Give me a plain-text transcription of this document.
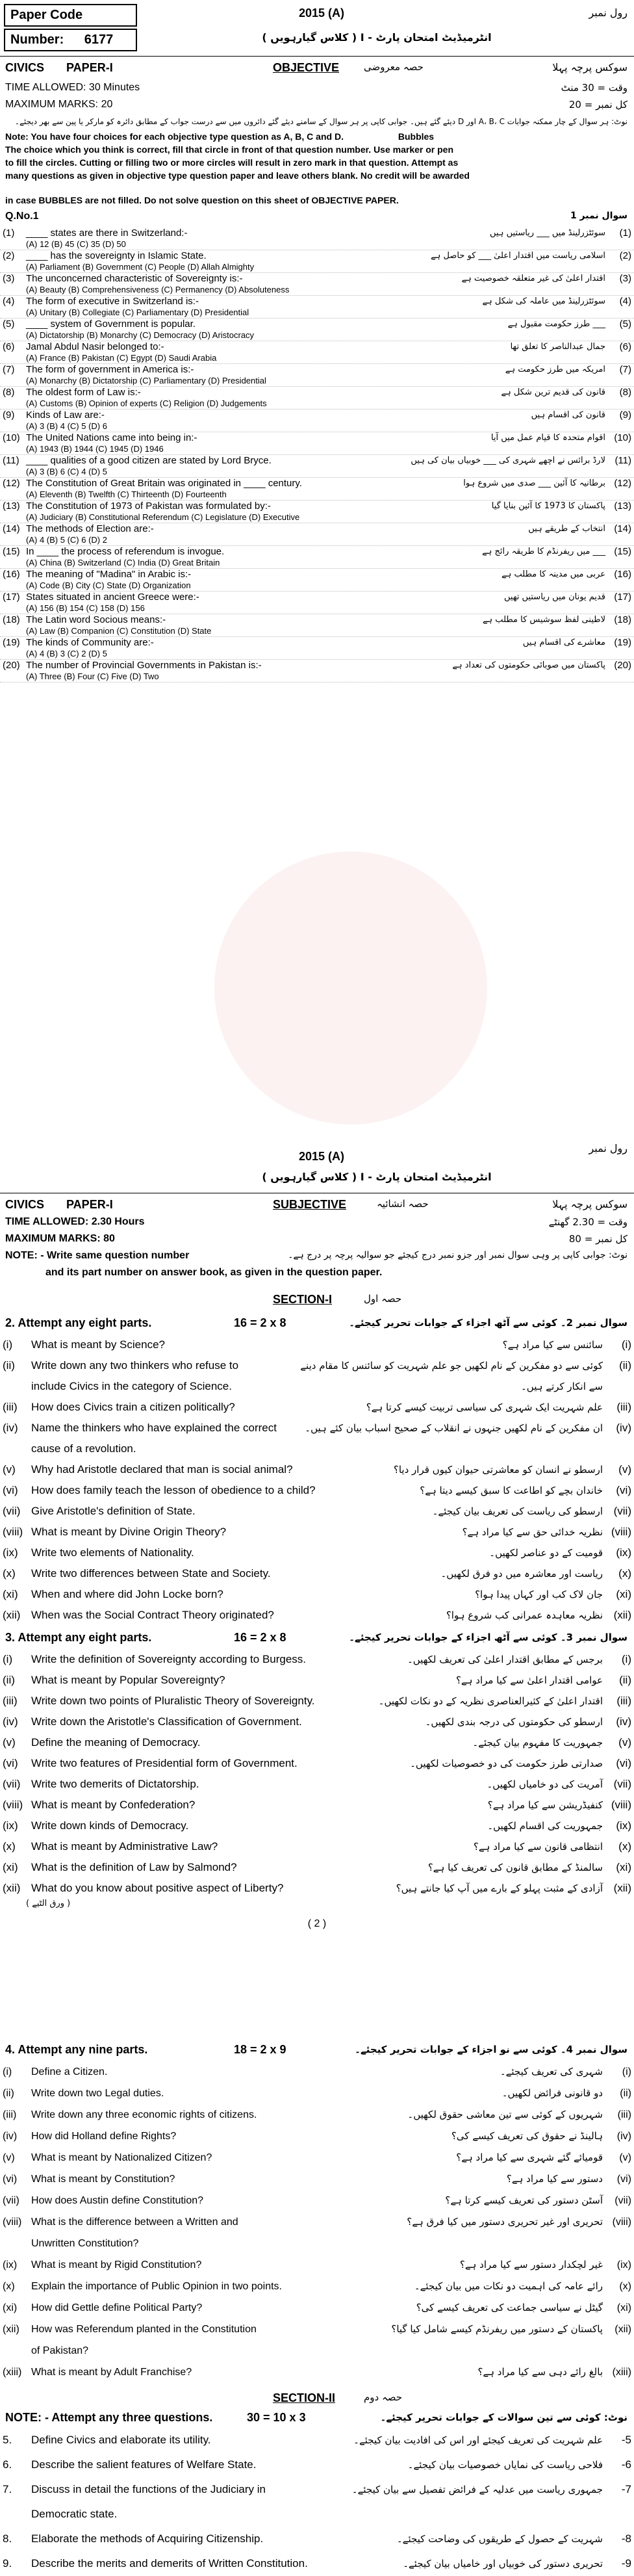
Paper Code
Number: 6177
2015 (A)	رول نمبر
انٹرمیڈیٹ امتحان پارٹ - I ( کلاس گیارہویں )
CIVICS PAPER-I	OBJECTIVE	حصہ معروضی	سوکس پرچہ پہلا
TIME ALLOWED: 30 Minutes	وقت = 30 منٹ
MAXIMUM MARKS: 20	کل نمبر = 20
نوٹ: ہر سوال کے چار ممکنہ جوابات A، B، C اور D دیئے گئے ہیں۔ جوابی کاپی پر ہر سوال کے سامنے دیئے گئے دائروں میں سے درست جواب کے مطابق دائرہ کو مارکر یا پین سے بھر دیجئے۔
Note: You have four choices for each objective type question as A, B, C and D.	Bubbles
The choice which you think is correct, fill that circle in front of that question number. Use marker or pen
to fill the circles. Cutting or filling two or more circles will result in zero mark in that question. Attempt as
many questions as given in objective type question paper and leave others blank. No credit will be awarded
in case BUBBLES are not filled. Do not solve question on this sheet of OBJECTIVE PAPER.
Q.No.1	سوال نمبر 1
(1)	____ states are there in Switzerland:-
(A) 12 (B) 45 (C) 35 (D) 50
سوئٹزرلینڈ میں ___ ریاستیں ہیں	(1)
(2)	____ has the sovereignty in Islamic State.
(A) Parliament (B) Government (C) People (D) Allah Almighty
اسلامی ریاست میں اقتدار اعلیٰ ___ کو حاصل ہے	(2)
(3)	The unconcerned characteristic of Sovereignty is:-
(A) Beauty (B) Comprehensiveness (C) Permanency (D) Absoluteness
اقتدار اعلیٰ کی غیر متعلقہ خصوصیت ہے	(3)
(4)	The form of executive in Switzerland is:-
(A) Unitary (B) Collegiate (C) Parliamentary (D) Presidential
سوئٹزرلینڈ میں عاملہ کی شکل ہے	(4)
(5)	____ system of Government is popular.
(A) Dictatorship (B) Monarchy (C) Democracy (D) Aristocracy
___ طرز حکومت مقبول ہے	(5)
(6)	Jamal Abdul Nasir belonged to:-
(A) France (B) Pakistan (C) Egypt (D) Saudi Arabia
جمال عبدالناصر کا تعلق تھا	(6)
(7)	The form of government in America is:-
(A) Monarchy (B) Dictatorship (C) Parliamentary (D) Presidential
امریکہ میں طرز حکومت ہے	(7)
(8)	The oldest form of Law is:-
(A) Customs (B) Opinion of experts (C) Religion (D) Judgements
قانون کی قدیم ترین شکل ہے	(8)
(9)	Kinds of Law are:-
(A) 3 (B) 4 (C) 5 (D) 6
قانون کی اقسام ہیں	(9)
(10) The United Nations came into being in:-
(A) 1943 (B) 1944 (C) 1945 (D) 1946
اقوام متحدہ کا قیام عمل میں آیا (10)
(11) ____ qualities of a good citizen are stated by Lord Bryce.
(A) 3 (B) 6 (C) 4 (D) 5
لارڈ برائس نے اچھے شہری کی ___ خوبیاں بیان کی ہیں (11)
(12) The Constitution of Great Britain was originated in ____ century.
(A) Eleventh (B) Twelfth (C) Thirteenth (D) Fourteenth
برطانیہ کا آئین ___ صدی میں شروع ہوا (12)
(13) The Constitution of 1973 of Pakistan was formulated by:-
(A) Judiciary (B) Constitutional Referendum (C) Legislature (D) Executive
پاکستان کا 1973 کا آئین بنایا گیا (13)
(14) The methods of Election are:-
(A) 4 (B) 5 (C) 6 (D) 2
انتخاب کے طریقے ہیں (14)
(15) In ____ the process of referendum is invogue.
(A) China (B) Switzerland (C) India (D) Great Britain
___ میں ریفرنڈم کا طریقہ رائج ہے (15)
(16) The meaning of "Madina" in Arabic is:-
(A) Code (B) City (C) State (D) Organization
عربی میں مدینہ کا مطلب ہے (16)
(17) States situated in ancient Greece were:-
(A) 156 (B) 154 (C) 158 (D) 156
قدیم یونان میں ریاستیں تھیں (17)
(18) The Latin word Socious means:-
(A) Law (B) Companion (C) Constitution (D) State
لاطینی لفظ سوشیس کا مطلب ہے (18)
(19) The kinds of Community are:-
(A) 4 (B) 3 (C) 2 (D) 5
معاشرے کی اقسام ہیں (19)
(20) The number of Provincial Governments in Pakistan is:-
(A) Three (B) Four (C) Five (D) Two
پاکستان میں صوبائی حکومتوں کی تعداد ہے (20)
رول نمبر
2015 (A)
انٹرمیڈیٹ امتحان پارٹ - I ( کلاس گیارہویں )
CIVICS PAPER-I	SUBJECTIVE	حصہ انشائیہ	سوکس پرچہ پہلا
TIME ALLOWED: 2.30 Hours	وقت = 2.30 گھنٹے
MAXIMUM MARKS: 80	کل نمبر = 80
NOTE: - Write same question number	نوٹ: جوابی کاپی پر وہی سوال نمبر اور جزو نمبر درج کیجئے جو سوالیہ پرچہ پر درج ہے۔
and its part number on answer book, as given in the question paper.
SECTION-I	حصہ اول
2. Attempt any eight parts.	16 = 2 x 8	سوال نمبر 2۔ کوئی سے آٹھ اجزاء کے جوابات تحریر کیجئے۔
(i)	What is meant by Science?	سائنس سے کیا مراد ہے؟	(i)
(ii)	Write down any two thinkers who refuse to	کوئی سے دو مفکرین کے نام لکھیں جو علم شہریت کو سائنس کا مقام دینے	(ii)
include Civics in the category of Science.	سے انکار کرتے ہیں۔
(iii)	How does Civics train a citizen politically?	علم شہریت ایک شہری کی سیاسی تربیت کیسے کرتا ہے؟	(iii)
(iv)	Name the thinkers who have explained the correct	ان مفکرین کے نام لکھیں جنہوں نے انقلاب کے صحیح اسباب بیان کئے ہیں۔	(iv)
cause of a revolution.
(v)	Why had Aristotle declared that man is social animal?	ارسطو نے انسان کو معاشرتی حیوان کیوں قرار دیا؟	(v)
(vi)	How does family teach the lesson of obedience to a child?	خاندان بچے کو اطاعت کا سبق کیسے دیتا ہے؟	(vi)
(vii) Give Aristotle's definition of State.	ارسطو کی ریاست کی تعریف بیان کیجئے۔ (vii)
(viii) What is meant by Divine Origin Theory?	نظریہ خدائی حق سے کیا مراد ہے؟ (viii)
(ix)	Write two elements of Nationality.	قومیت کے دو عناصر لکھیں۔	(ix)
(x)	Write two differences between State and Society.	ریاست اور معاشرہ میں دو فرق لکھیں۔	(x)
(xi)	When and where did John Locke born?	جان لاک کب اور کہاں پیدا ہوا؟	(xi)
(xii) When was the Social Contract Theory originated?	نظریہ معاہدہ عمرانی کب شروع ہوا؟ (xii)
3. Attempt any eight parts.	16 = 2 x 8	سوال نمبر 3۔ کوئی سے آٹھ اجزاء کے جوابات تحریر کیجئے۔
(i)	Write the definition of Sovereignty according to Burgess.	برجس کے مطابق اقتدار اعلیٰ کی تعریف لکھیں۔	(i)
(ii)	What is meant by Popular Sovereignty?	عوامی اقتدار اعلیٰ سے کیا مراد ہے؟	(ii)
(iii)	Write down two points of Pluralistic Theory of Sovereignty.	اقتدار اعلیٰ کے کثیرالعناصری نظریہ کے دو نکات لکھیں۔	(iii)
(iv)	Write down the Aristotle's Classification of Government.	ارسطو کی حکومتوں کی درجہ بندی لکھیں۔	(iv)
(v)	Define the meaning of Democracy.	جمہوریت کا مفہوم بیان کیجئے۔	(v)
(vi)	Write two features of Presidential form of Government.	صدارتی طرز حکومت کی دو خصوصیات لکھیں۔	(vi)
(vii) Write two demerits of Dictatorship.	آمریت کی دو خامیاں لکھیں۔ (vii)
(viii) What is meant by Confederation?	کنفیڈریشن سے کیا مراد ہے؟ (viii)
(ix)	Write down kinds of Democracy.	جمہوریت کی اقسام لکھیں۔	(ix)
(x)	What is meant by Administrative Law?	انتظامی قانون سے کیا مراد ہے؟	(x)
(xi)	What is the definition of Law by Salmond?	سالمنڈ کے مطابق قانون کی تعریف کیا ہے؟	(xi)
(xii) What do you know about positive aspect of Liberty?	آزادی کے مثبت پہلو کے بارے میں آپ کیا جانتے ہیں؟ (xii)
( ورق الٹیے )
( 2 )
4. Attempt any nine parts.	18 = 2 x 9	سوال نمبر 4۔ کوئی سے نو اجزاء کے جوابات تحریر کیجئے۔
(i)	Define a Citizen.	شہری کی تعریف کیجئے۔	(i)
(ii)	Write down two Legal duties.	دو قانونی فرائض لکھیں۔	(ii)
(iii)	Write down any three economic rights of citizens.	شہریوں کے کوئی سے تین معاشی حقوق لکھیں۔	(iii)
(iv)	How did Holland define Rights?	ہالینڈ نے حقوق کی تعریف کیسے کی؟	(iv)
(v)	What is meant by Nationalized Citizen?	قومیائے گئے شہری سے کیا مراد ہے؟	(v)
(vi)	What is meant by Constitution?	دستور سے کیا مراد ہے؟	(vi)
(vii)	How does Austin define Constitution?	آسٹن دستور کی تعریف کیسے کرتا ہے؟	(vii)
(viii) What is the difference between a Written and	تحریری اور غیر تحریری دستور میں کیا فرق ہے؟ (viii)
Unwritten Constitution?
(ix)	What is meant by Rigid Constitution?	غیر لچکدار دستور سے کیا مراد ہے؟	(ix)
(x)	Explain the importance of Public Opinion in two points.	رائے عامہ کی اہمیت دو نکات میں بیان کیجئے۔	(x)
(xi)	How did Gettle define Political Party?	گیٹل نے سیاسی جماعت کی تعریف کیسے کی؟	(xi)
(xii)	How was Referendum planted in the Constitution	پاکستان کے دستور میں ریفرنڈم کیسے شامل کیا گیا؟	(xii)
of Pakistan?
(xiii) What is meant by Adult Franchise?	بالغ رائے دہی سے کیا مراد ہے؟ (xiii)
SECTION-II	حصہ دوم
NOTE: - Attempt any three questions.	30 = 10 x 3	نوٹ: کوئی سے تین سوالات کے جوابات تحریر کیجئے۔
5.	Define Civics and elaborate its utility.	علم شہریت کی تعریف کیجئے اور اس کی افادیت بیان کیجئے۔	-5
6.	Describe the salient features of Welfare State.	فلاحی ریاست کی نمایاں خصوصیات بیان کیجئے۔	-6
7.	Discuss in detail the functions of the Judiciary in	جمہوری ریاست میں عدلیہ کے فرائض تفصیل سے بیان کیجئے۔	-7
Democratic state.
8.	Elaborate the methods of Acquiring Citizenship.	شہریت کے حصول کے طریقوں کی وضاحت کیجئے۔	-8
9.	Describe the merits and demerits of Written Constitution.	تحریری دستور کی خوبیاں اور خامیاں بیان کیجئے۔	-9
